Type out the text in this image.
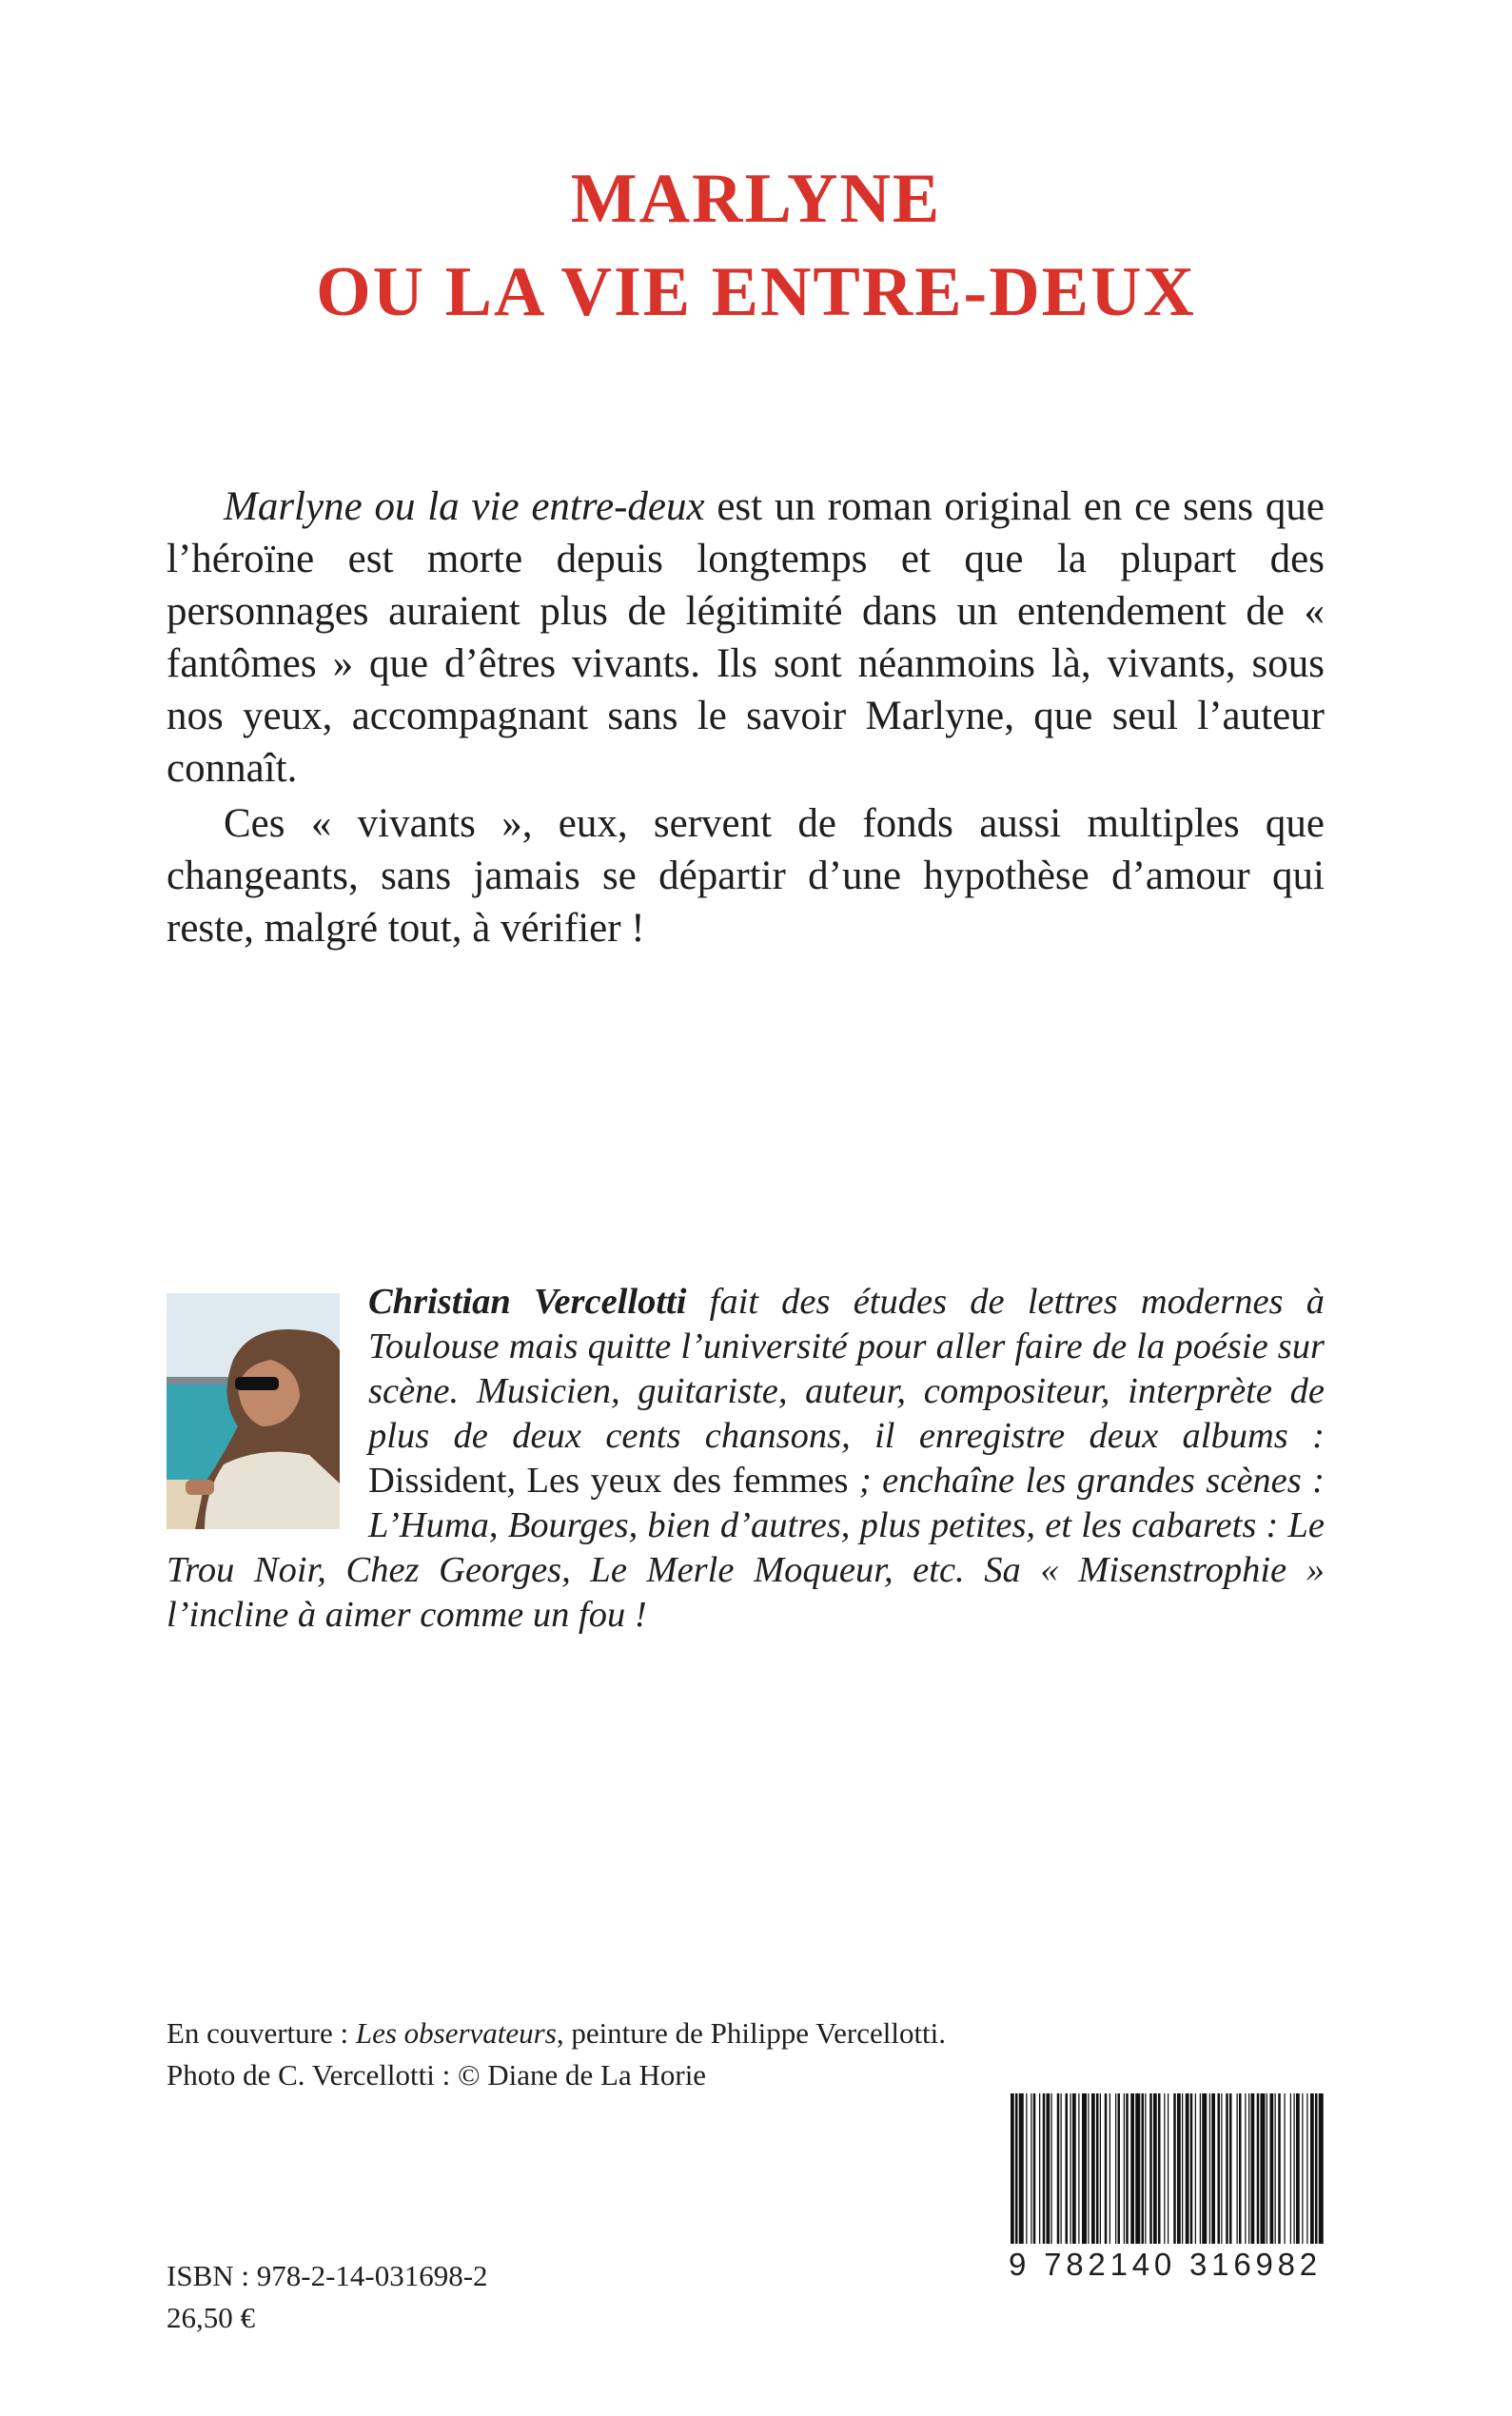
MARLYNE
OU LA VIE ENTRE-DEUX

Marlyne ou la vie entre-deux est un roman original en ce sens que l’héroïne est morte depuis longtemps et que la plupart des personnages auraient plus de légitimité dans un entendement de « fantômes » que d’êtres vivants. Ils sont néanmoins là, vivants, sous nos yeux, accompagnant sans le savoir Marlyne, que seul l’auteur connaît.

Ces « vivants », eux, servent de fonds aussi multiples que changeants, sans jamais se départir d’une hypothèse d’amour qui reste, malgré tout, à vérifier !

Christian Vercellotti fait des études de lettres modernes à Toulouse mais quitte l’université pour aller faire de la poésie sur scène. Musicien, guitariste, auteur, compositeur, interprète de plus de deux cents chansons, il enregistre deux albums : Dissident, Les yeux des femmes ; enchaîne les grandes scènes : L’Huma, Bourges, bien d’autres, plus petites, et les cabarets : Le Trou Noir, Chez Georges, Le Merle Moqueur, etc. Sa « Misenstrophie » l’incline à aimer comme un fou !
En couverture : Les observateurs, peinture de Philippe Vercellotti.
Photo de C. Vercellotti : © Diane de La Horie
ISBN : 978-2-14-031698-2
26,50 €
9 782140 316982
